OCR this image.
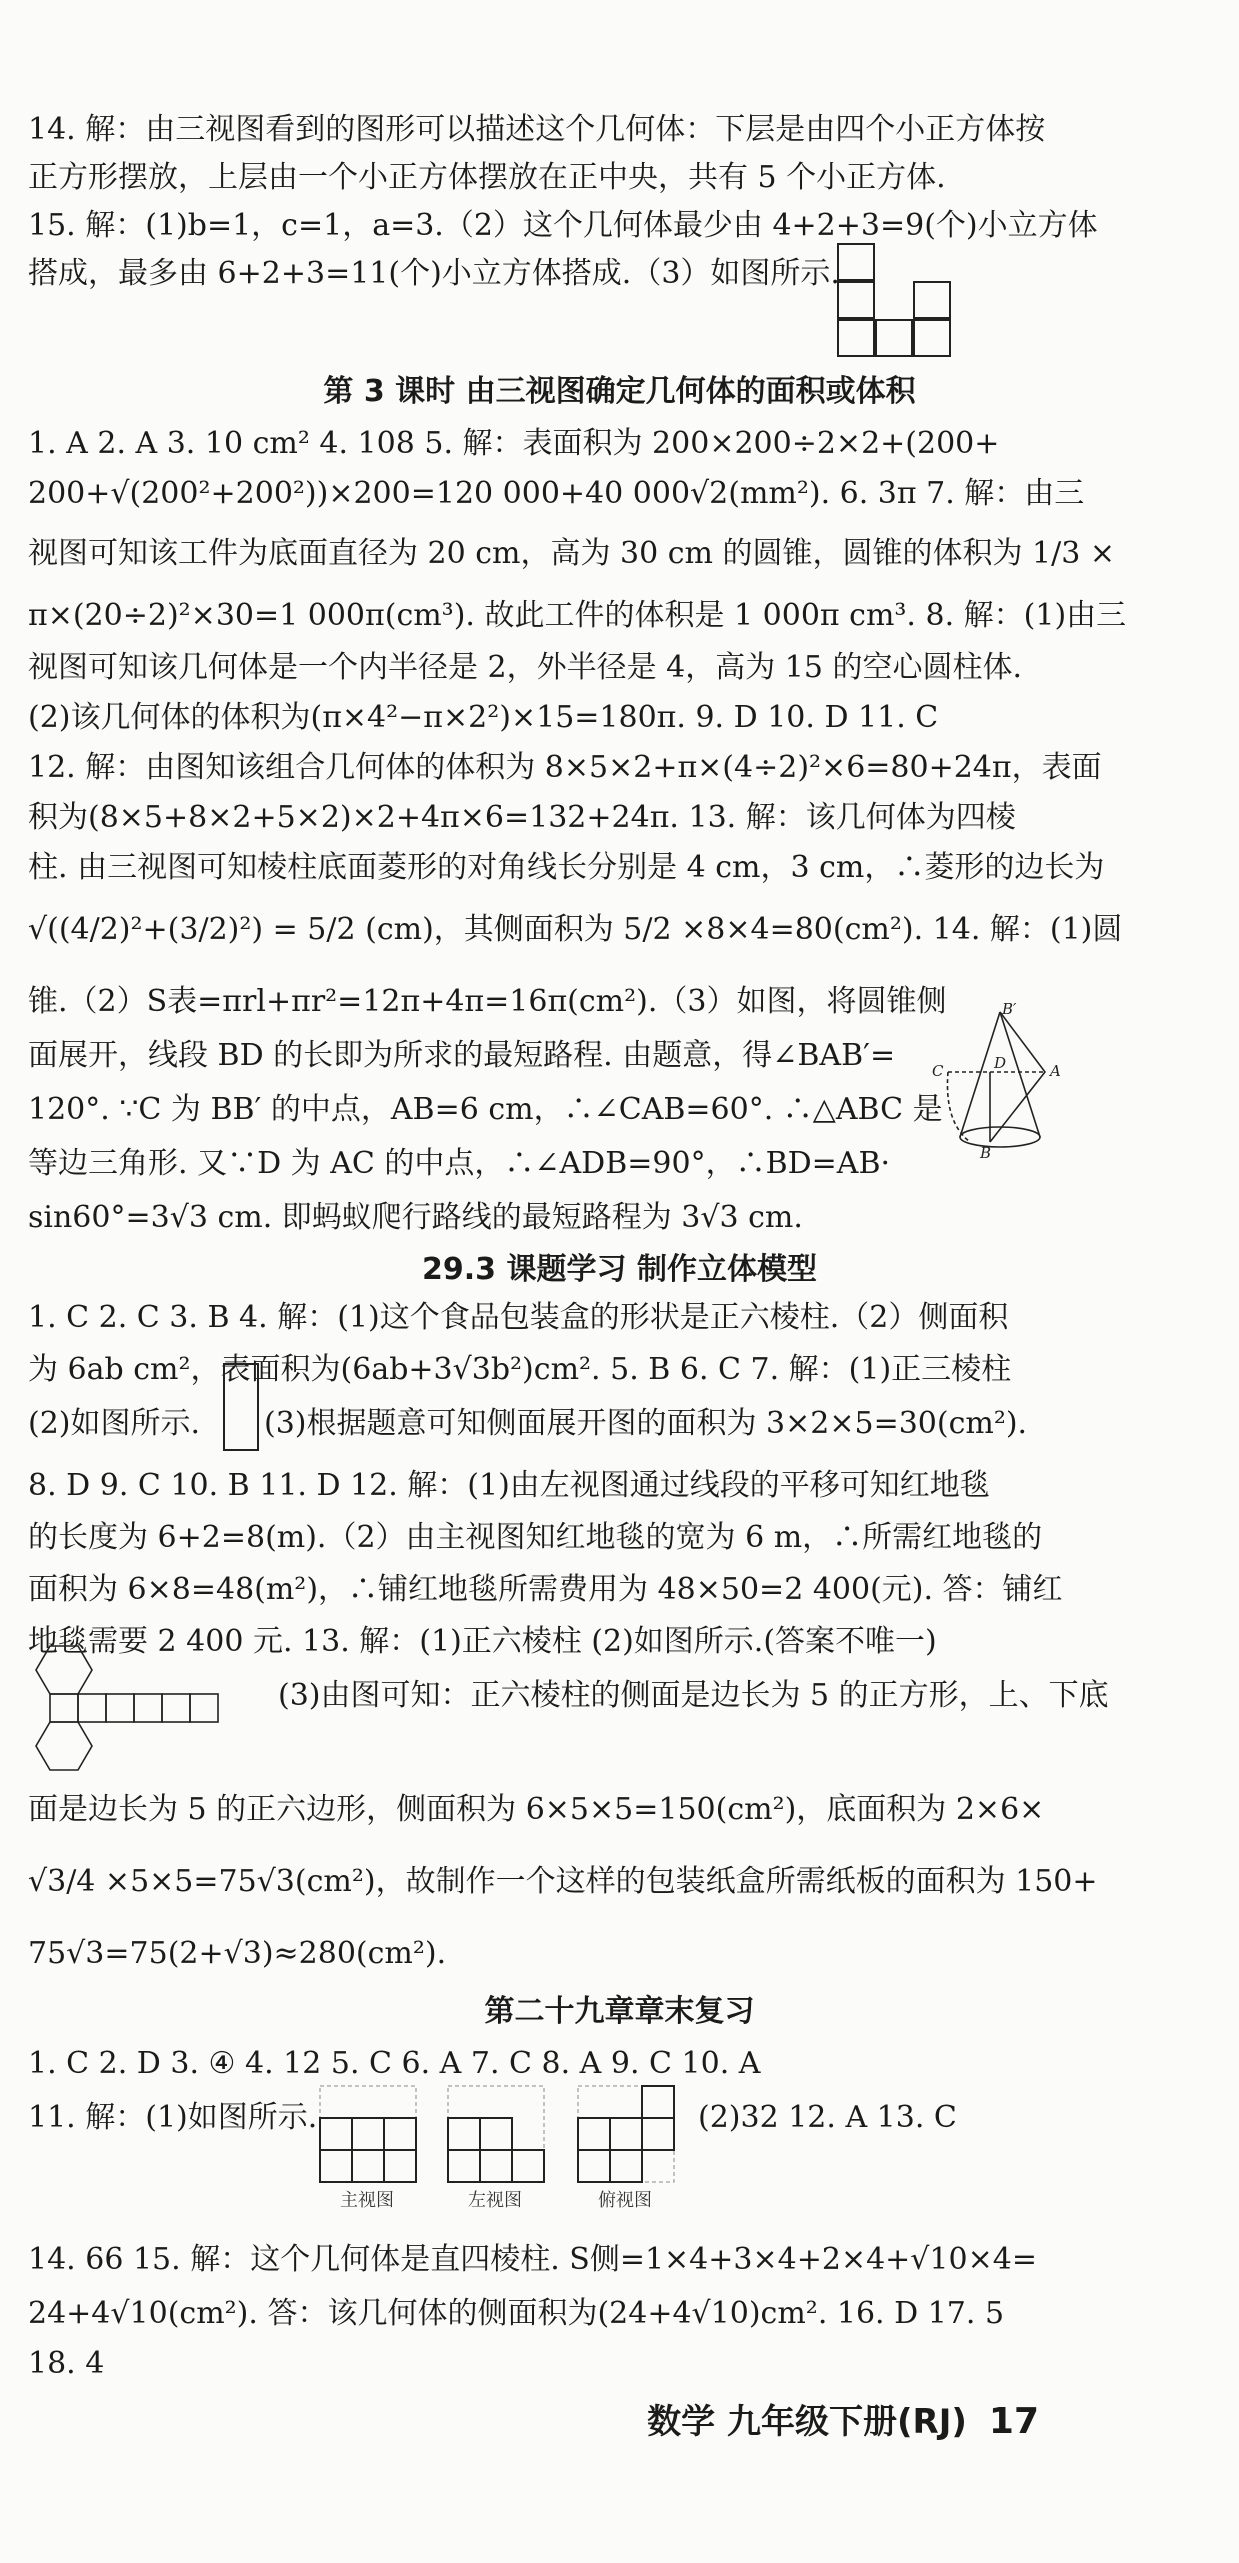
14. 解：由三视图看到的图形可以描述这个几何体：下层是由四个小正方体按
正方形摆放，上层由一个小正方体摆放在正中央，共有 5 个小正方体.
15. 解：(1)b=1，c=1，a=3.（2）这个几何体最少由 4+2+3=9(个)小立方体
搭成，最多由 6+2+3=11(个)小立方体搭成.（3）如图所示.
第 3 课时 由三视图确定几何体的面积或体积
1. A 2. A 3. 10 cm² 4. 108 5. 解：表面积为 200×200÷2×2+(200+
200+√(200²+200²))×200=120 000+40 000√2(mm²). 6. 3π 7. 解：由三
视图可知该工件为底面直径为 20 cm，高为 30 cm 的圆锥，圆锥的体积为 1/3 ×
π×(20÷2)²×30=1 000π(cm³). 故此工件的体积是 1 000π cm³. 8. 解：(1)由三
视图可知该几何体是一个内半径是 2，外半径是 4，高为 15 的空心圆柱体.
(2)该几何体的体积为(π×4²−π×2²)×15=180π. 9. D 10. D 11. C
12. 解：由图知该组合几何体的体积为 8×5×2+π×(4÷2)²×6=80+24π，表面
积为(8×5+8×2+5×2)×2+4π×6=132+24π. 13. 解：该几何体为四棱
柱. 由三视图可知棱柱底面菱形的对角线长分别是 4 cm，3 cm，∴菱形的边长为
√((4/2)²+(3/2)²) = 5/2 (cm)，其侧面积为 5/2 ×8×4=80(cm²). 14. 解：(1)圆
锥.（2）S表=πrl+πr²=12π+4π=16π(cm²).（3）如图，将圆锥侧
面展开，线段 BD 的长即为所求的最短路程. 由题意，得∠BAB′=
120°. ∵C 为 BB′ 的中点，AB=6 cm，∴∠CAB=60°. ∴△ABC 是
等边三角形. 又∵D 为 AC 的中点，∴∠ADB=90°，∴BD=AB·
sin60°=3√3 cm. 即蚂蚁爬行路线的最短路程为 3√3 cm.
B′
C	D	A
B
29.3 课题学习 制作立体模型
1. C 2. C 3. B 4. 解：(1)这个食品包装盒的形状是正六棱柱.（2）侧面积
为 6ab cm²，表面积为(6ab+3√3b²)cm². 5. B 6. C 7. 解：(1)正三棱柱
(2)如图所示.	(3)根据题意可知侧面展开图的面积为 3×2×5=30(cm²).
8. D 9. C 10. B 11. D 12. 解：(1)由左视图通过线段的平移可知红地毯
的长度为 6+2=8(m).（2）由主视图知红地毯的宽为 6 m，∴所需红地毯的
面积为 6×8=48(m²)，∴铺红地毯所需费用为 48×50=2 400(元). 答：铺红
地毯需要 2 400 元. 13. 解：(1)正六棱柱 (2)如图所示.(答案不唯一)
(3)由图可知：正六棱柱的侧面是边长为 5 的正方形，上、下底
面是边长为 5 的正六边形，侧面积为 6×5×5=150(cm²)，底面积为 2×6×
√3/4 ×5×5=75√3(cm²)，故制作一个这样的包装纸盒所需纸板的面积为 150+
75√3=75(2+√3)≈280(cm²).
第二十九章章末复习
1. C 2. D 3. ④ 4. 12 5. C 6. A 7. C 8. A 9. C 10. A
11. 解：(1)如图所示.	(2)32 12. A 13. C
主视图	左视图	俯视图
14. 66 15. 解：这个几何体是直四棱柱. S侧=1×4+3×4+2×4+√10×4=
24+4√10(cm²). 答：该几何体的侧面积为(24+4√10)cm². 16. D 17. 5
18. 4
数学 九年级下册(RJ) 17
